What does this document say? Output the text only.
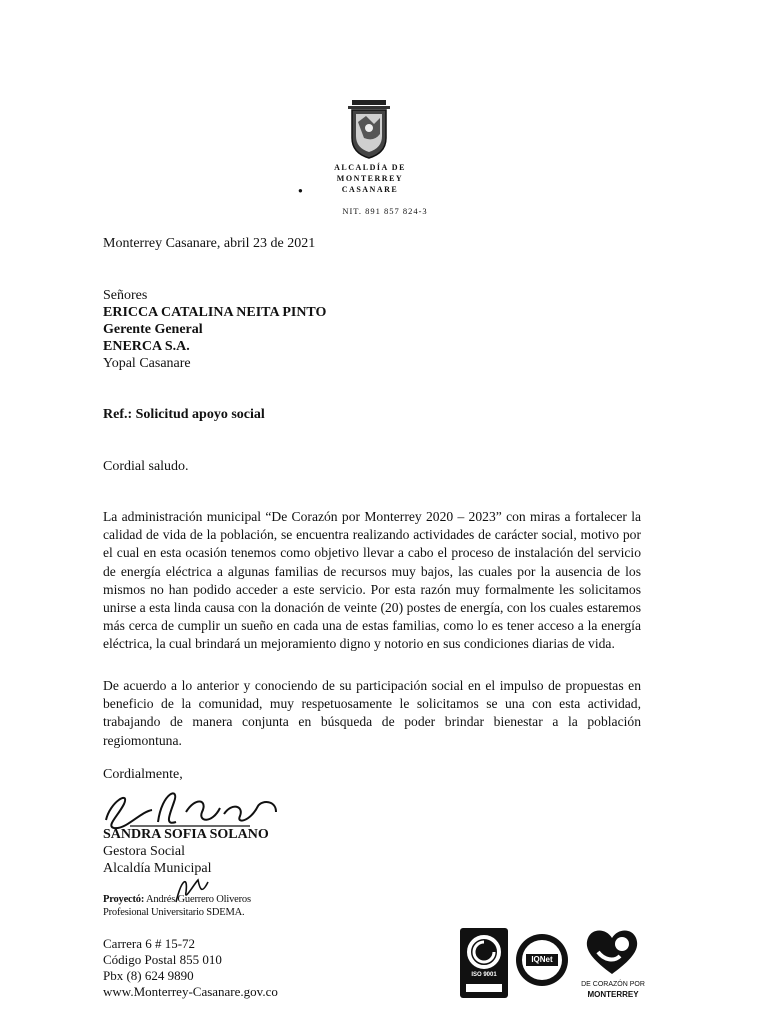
ALCALDÍA DE
MONTERREY
CASANARE
●
NIT. 891 857 824-3
Monterrey Casanare, abril 23 de 2021
Señores
ERICCA CATALINA NEITA PINTO
Gerente General
ENERCA S.A.
Yopal Casanare
Ref.: Solicitud apoyo social
Cordial saludo.
La administración municipal “De Corazón por Monterrey 2020 – 2023” con miras a fortalecer la calidad de vida de la población, se encuentra realizando actividades de carácter social, motivo por el cual en esta ocasión tenemos como objetivo llevar a cabo el proceso de instalación del servicio de energía eléctrica a algunas familias de recursos muy bajos, las cuales por la ausencia de los mismos no han podido acceder a este servicio. Por esta razón muy formalmente les solicitamos unirse a esta linda causa con la donación de veinte (20) postes de energía, con los cuales estaremos más cerca de cumplir un sueño en cada una de estas familias, como lo es tener acceso a la energía eléctrica, la cual brindará un mejoramiento digno y notorio en sus condiciones diarias de vida.
De acuerdo a lo anterior y conociendo de su participación social en el impulso de propuestas en beneficio de la comunidad, muy respetuosamente le solicitamos se una con esta actividad, trabajando de manera conjunta en búsqueda de poder brindar bienestar a la población regiomontuna.
Cordialmente,
SANDRA SOFIA SOLANO
Gestora Social
Alcaldía Municipal
Proyectó: Andrés Guerrero Oliveros
Profesional Universitario SDEMA.
Carrera 6 # 15-72
Código Postal 855 010
Pbx (8) 624 9890
www.Monterrey-Casanare.gov.co
ISO 9001
IQNet
DE CORAZÓN POR
MONTERREY
